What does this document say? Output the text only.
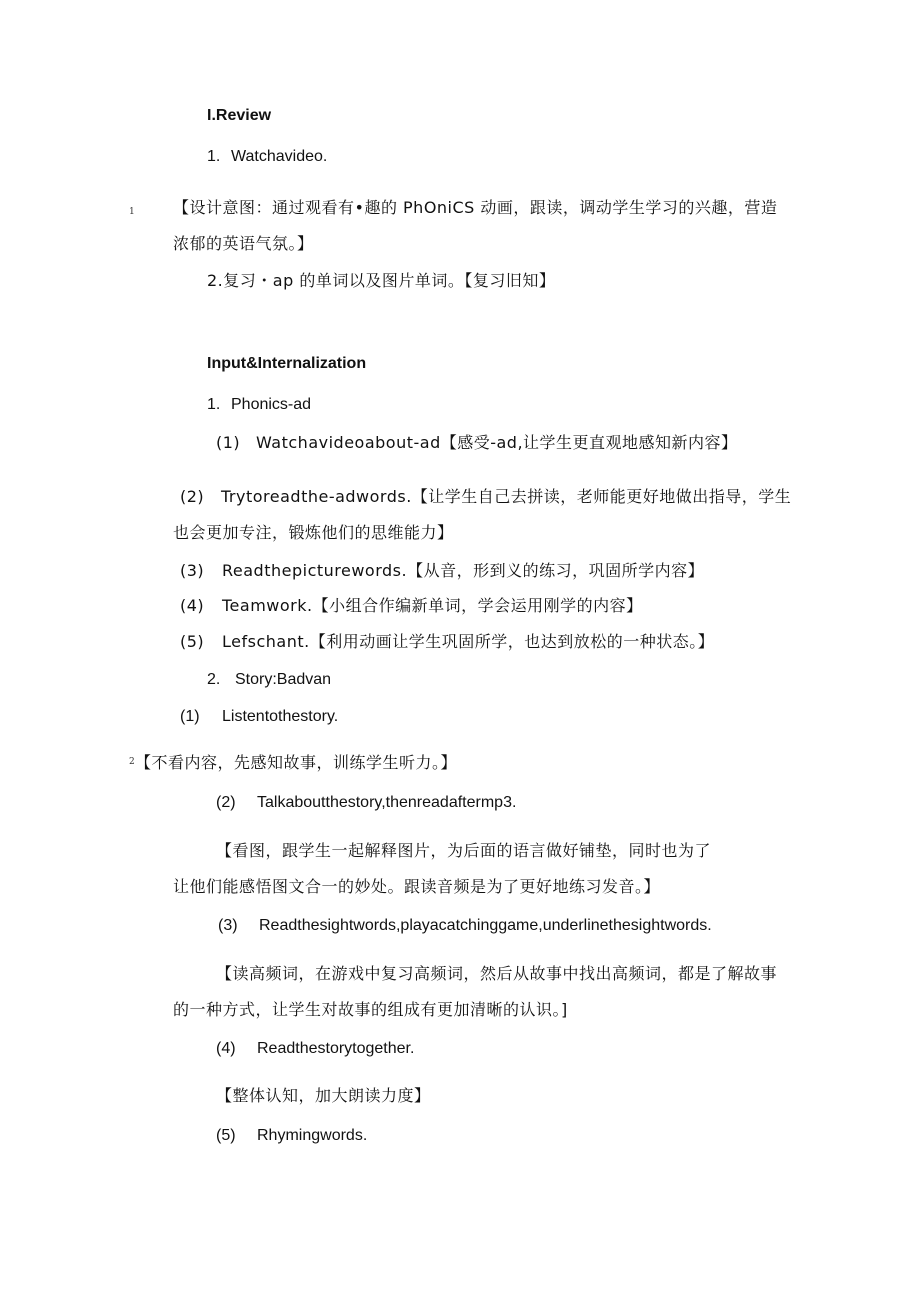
I.Review
1. Watchavideo.
1 【设计意图：通过观看有•趣的 PhOniCS 动画，跟读，调动学生学习的兴趣，营造
浓郁的英语气氛。】
2.复习・ap 的单词以及图片单词。【复习旧知】
Input&Internalization
1. Phonics-ad
(1) Watchavideoabout-ad【感受-ad,让学生更直观地感知新内容】
(2) Trytoreadthe-adwords.【让学生自己去拼读，老师能更好地做出指导，学生
也会更加专注，锻炼他们的思维能力】
(3) Readthepicturewords.【从音，形到义的练习，巩固所学内容】
(4) Teamwork.【小组合作编新单词，学会运用刚学的内容】
(5) Lefschant.【利用动画让学生巩固所学，也达到放松的一种状态。】
2. Story:Badvan
(1) Listentothestory.
2 【不看内容，先感知故事，训练学生听力。】
(2) Talkaboutthestory,thenreadaftermp3.
【看图，跟学生一起解释图片，为后面的语言做好铺垫，同时也为了
让他们能感悟图文合一的妙处。跟读音频是为了更好地练习发音。】
(3) Readthesightwords,playacatchinggame,underlinethesightwords.
【读高频词，在游戏中复习高频词，然后从故事中找出高频词，都是了解故事
的一种方式，让学生对故事的组成有更加清晰的认识。]
(4) Readthestorytogether.
【整体认知，加大朗读力度】
(5) Rhymingwords.
